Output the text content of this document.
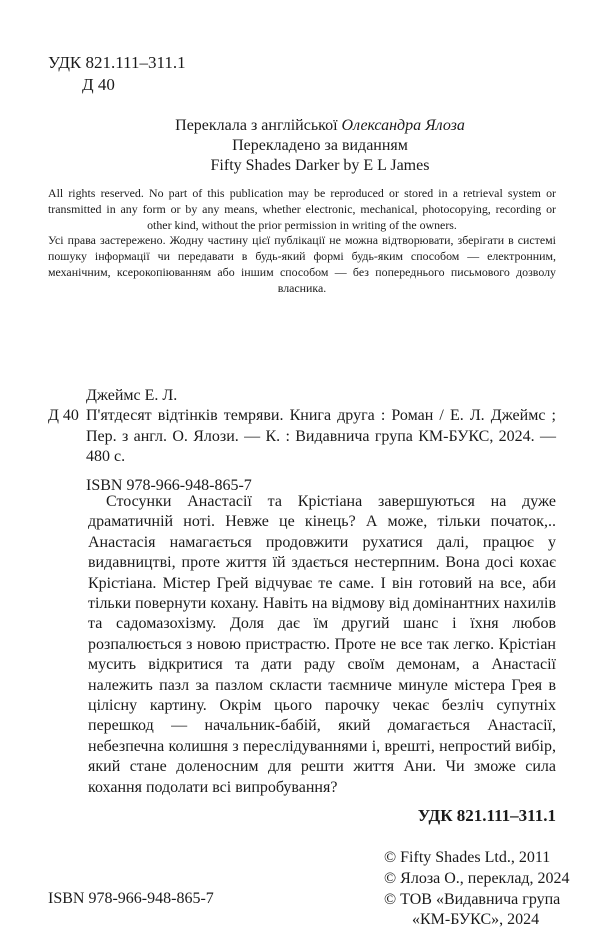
УДК 821.111–311.1
Д 40
Переклала з англійської Олександра Ялоза
Перекладено за виданням
Fifty Shades Darker by E L James

All rights reserved. No part of this publication may be reproduced or stored in a retrieval system or transmitted in any form or by any means, whether electronic, mechanical, photocopying, recording or other kind, without the prior permission in writing of the owners.

Усі права застережено. Жодну частину цієї публікації не можна відтворювати, зберігати в системі пошуку інформації чи передавати в будь-який формі будь-яким способом — електронним, механічним, ксерокопіюванням або іншим способом — без попереднього письмового дозволу власника.

Джеймс Е. Л.
Д 40 П'ятдесят відтінків темряви. Книга друга : Роман / Е. Л. Джеймс ; Пер. з англ. О. Ялози. — К. : Видавнича група КМ-БУКС, 2024. — 480 с.
ISBN 978-966-948-865-7
Стосунки Анастасії та Крістіана завершуються на дуже драматичній ноті. Невже це кінець? А може, тільки початок,.. Анастасія намагається продовжити рухатися далі, працює у видавництві, проте життя їй здається нестерпним. Вона досі кохає Крістіана. Містер Грей відчуває те саме. І він готовий на все, аби тільки повернути кохану. Навіть на відмову від домінантних нахилів та садомазохізму. Доля дає їм другий шанс і їхня любов розпалюється з новою пристрастю. Проте не все так легко. Крістіан мусить відкритися та дати раду своїм демонам, а Анастасії належить пазл за пазлом скласти таємниче минуле містера Грея в цілісну картину. Окрім цього парочку чекає безліч супутніх перешкод — начальник-бабій, який домагається Анастасії, небезпечна колишня з переслідуваннями і, врешті, непростий вибір, який стане доленосним для решти життя Ани. Чи зможе сила кохання подолати всі випробування?
УДК 821.111–311.1
ISBN 978-966-948-865-7
© Fifty Shades Ltd., 2011
© Ялоза О., переклад, 2024
© ТОВ «Видавнича група
«КМ-БУКС», 2024
